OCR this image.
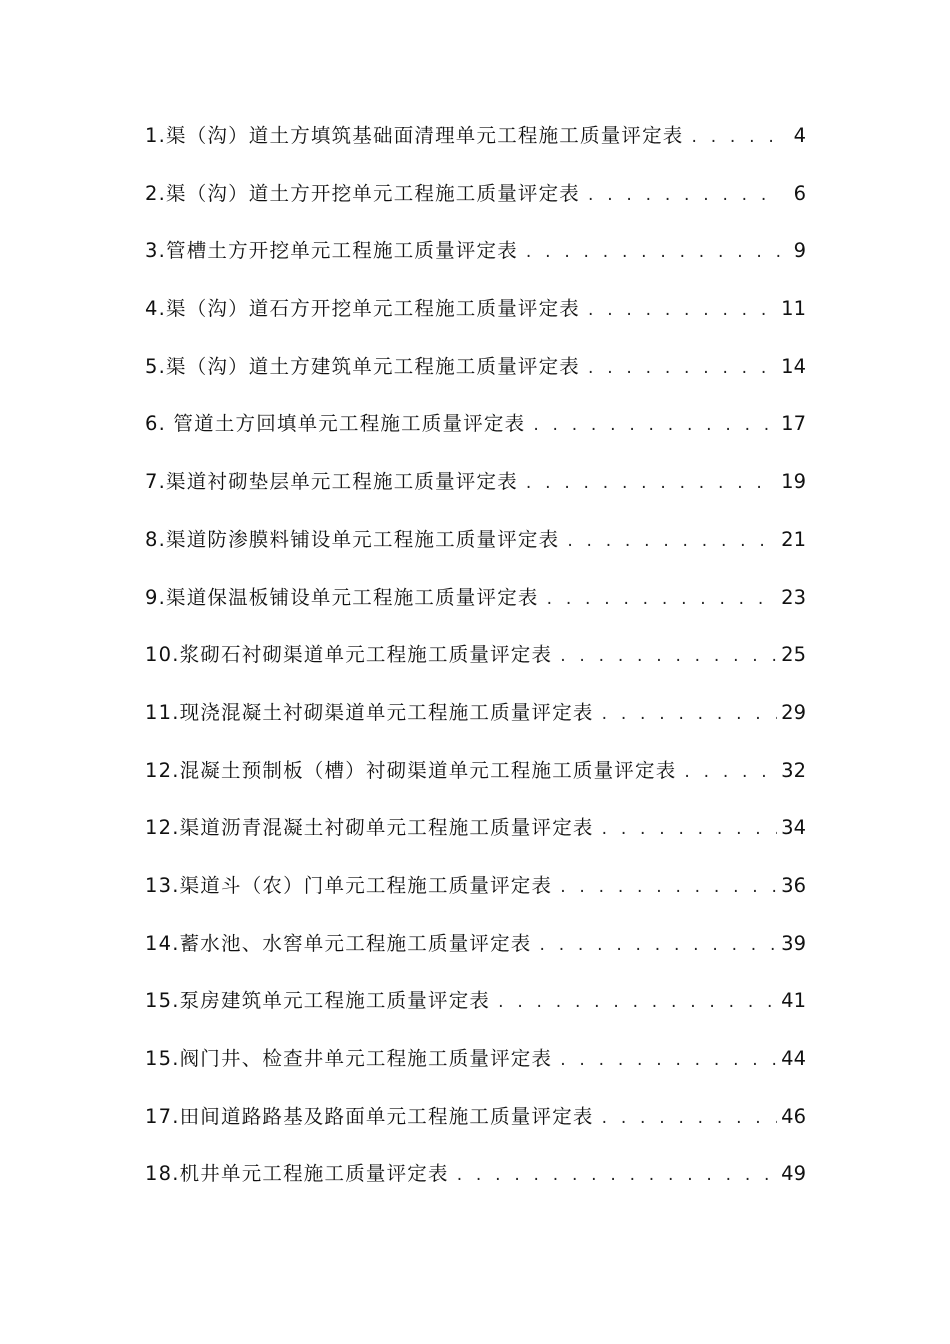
1.渠（沟）道土方填筑基础面清理单元工程施工质量评定表 . . .	4
2.渠（沟）道土方开挖单元工程施工质量评定表 . . .	6
3.管槽土方开挖单元工程施工质量评定表 . . .	9
4.渠（沟）道石方开挖单元工程施工质量评定表 . . .	11
5.渠（沟）道土方建筑单元工程施工质量评定表 . . .	14
6. 管道土方回填单元工程施工质量评定表 . . .	17
7.渠道衬砌垫层单元工程施工质量评定表 . . .	19
8.渠道防渗膜料铺设单元工程施工质量评定表 . . .	21
9.渠道保温板铺设单元工程施工质量评定表 . . .	23
10.浆砌石衬砌渠道单元工程施工质量评定表 . . .	25
11.现浇混凝土衬砌渠道单元工程施工质量评定表 . . .	29
12.混凝土预制板（槽）衬砌渠道单元工程施工质量评定表 . . .	32
12.渠道沥青混凝土衬砌单元工程施工质量评定表 . . .	34
13.渠道斗（农）门单元工程施工质量评定表 . . .	36
14.蓄水池、水窖单元工程施工质量评定表 . . .	39
15.泵房建筑单元工程施工质量评定表 . . .	41
15.阀门井、检查井单元工程施工质量评定表 . . .	44
17.田间道路路基及路面单元工程施工质量评定表 . . .	46
18.机井单元工程施工质量评定表 . . .	49
